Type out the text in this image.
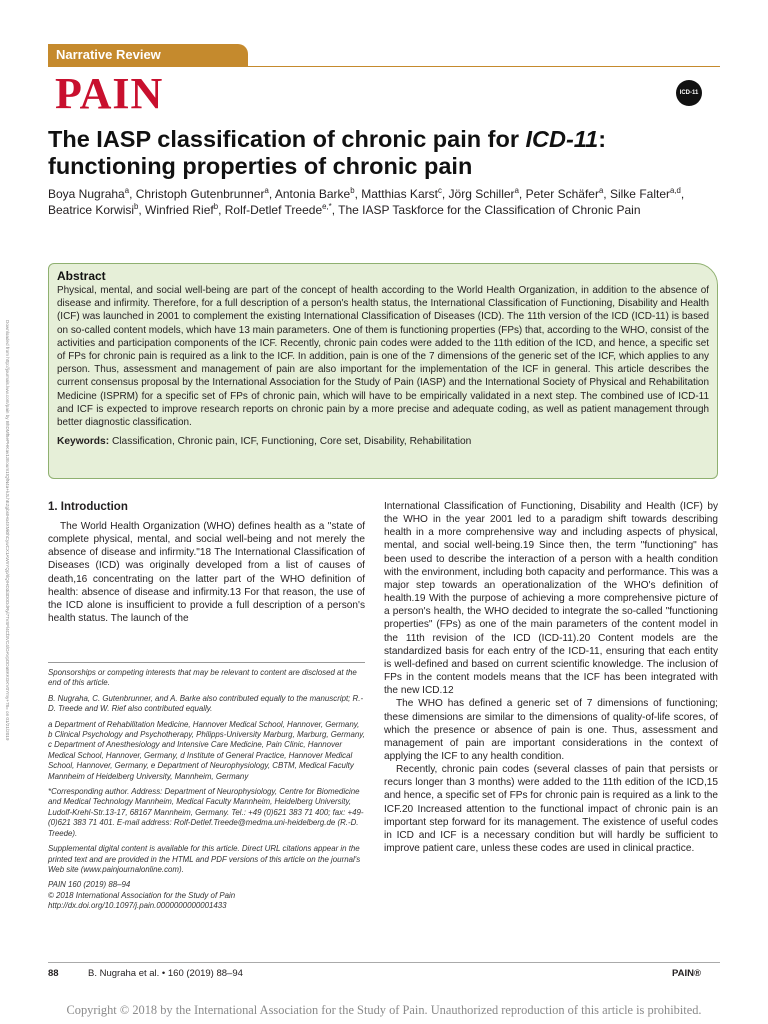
Narrative Review
PAIN	ICD-11
The IASP classification of chronic pain for ICD-11: functioning properties of chronic pain
Boya Nugraha$^a$, Christoph Gutenbrunner$^a$, Antonia Barke$^b$, Matthias Karst$^c$, Jörg Schiller$^a$, Peter Schäfer$^a$, Silke Falter$^{a,d}$, Beatrice Korwisi$^b$, Winfried Rief$^b$, Rolf-Detlef Treede$^{e,*}$, The IASP Taskforce for the Classification of Chronic Pain
Abstract

Physical, mental, and social well-being are part of the concept of health according to the World Health Organization, in addition to the absence of disease and infirmity. Therefore, for a full description of a person's health status, the International Classification of Functioning, Disability and Health (ICF) was launched in 2001 to complement the existing International Classification of Diseases (ICD). The 11th version of the ICD (ICD-11) is based on so-called content models, which have 13 main parameters. One of them is functioning properties (FPs) that, according to the WHO, consist of the activities and participation components of the ICF. Recently, chronic pain codes were added to the 11th edition of the ICD, and hence, a specific set of FPs for chronic pain is required as a link to the ICF. In addition, pain is one of the 7 dimensions of the generic set of the ICF, which applies to any person. Thus, assessment and management of pain are also important for the implementation of the ICF in general. This article describes the current consensus proposal by the International Association for the Study of Pain (IASP) and the International Society of Physical and Rehabilitation Medicine (ISPRM) for a specific set of FPs of chronic pain, which will have to be empirically validated in a next step. The combined use of ICD-11 and ICF is expected to improve research reports on chronic pain by a more precise and adequate coding, as well as patient management through better diagnostic classification.

Keywords: Classification, Chronic pain, ICF, Functioning, Core set, Disability, Rehabilitation
1. Introduction

The World Health Organization (WHO) defines health as a "state of complete physical, mental, and social well-being and not merely the absence of disease and infirmity."18 The International Classification of Diseases (ICD) was originally developed from a list of causes of death,16 concentrating on the latter part of the WHO definition of health: absence of disease and infirmity.13 For that reason, the use of the ICD alone is insufficient to provide a full description of a person's health status. The launch of the

Sponsorships or competing interests that may be relevant to content are disclosed at the end of this article.

B. Nugraha, C. Gutenbrunner, and A. Barke also contributed equally to the manuscript; R.-D. Treede and W. Rief also contributed equally.

a Department of Rehabilitation Medicine, Hannover Medical School, Hannover, Germany, b Clinical Psychology and Psychotherapy, Philipps-University Marburg, Marburg, Germany, c Department of Anesthesiology and Intensive Care Medicine, Pain Clinic, Hannover Medical School, Hannover, Germany, d Institute of General Practice, Hannover Medical School, Hannover, Germany, e Department of Neurophysiology, CBTM, Medical Faculty Mannheim of Heidelberg University, Mannheim, Germany

*Corresponding author. Address: Department of Neurophysiology, Centre for Biomedicine and Medical Technology Mannheim, Medical Faculty Mannheim, Heidelberg University, Ludolf-Krehl-Str.13-17, 68167 Mannheim, Germany. Tel.: +49 (0)621 383 71 400; fax: +49-(0)621 383 71 401. E-mail address: Rolf-Detlef.Treede@medma.uni-heidelberg.de (R.-D. Treede).

Supplemental digital content is available for this article. Direct URL citations appear in the printed text and are provided in the HTML and PDF versions of this article on the journal's Web site (www.painjournalonline.com).

PAIN 160 (2019) 88–94

© 2018 International Association for the Study of Pain

http://dx.doi.org/10.1097/j.pain.0000000000001433

International Classification of Functioning, Disability and Health (ICF) by the WHO in the year 2001 led to a paradigm shift towards describing health in a more comprehensive way and including aspects of physical, mental, and social well-being.19 Since then, the term "functioning" has been used to describe the interaction of a person with a health condition with the environment, including both capacity and performance. This was a major step towards an operationalization of the WHO's definition of health.19 With the purpose of achieving a more comprehensive picture of a person's health, the WHO decided to integrate the so-called "functioning properties" (FPs) as one of the main parameters of the content model in the 11th revision of the ICD (ICD-11).20 Content models are the standardized basis for each entry of the ICD-11, ensuring that each entity is well-defined and based on current scientific knowledge. The inclusion of FPs in the content models means that the ICF has been integrated with the new ICD.12

The WHO has defined a generic set of 7 dimensions of functioning; these dimensions are similar to the dimensions of quality-of-life scores, of which the presence or absence of pain is one. Thus, assessment and management of pain are important considerations in the context of applying the ICF to any health condition.

Recently, chronic pain codes (several classes of pain that persists or recurs longer than 3 months) were added to the 11th edition of the ICD,15 and hence, a specific set of FPs for chronic pain is required as a link to the ICF.20 Increased attention to the functional impact of chronic pain is an important step forward for its management. The existence of useful codes in ICD and ICF is a necessary condition but will hardly be sufficient to improve patient care, unless these codes are used in clinical practice.

Downloaded from http://journals.lww.com/pain by BhDMf5ePHKav1zEoum1tQfN4a+kJLhEZgbsIHo4XMi0hCywCX1AWnYQp/IlQrHD3i3D0OdRyi7TvSFl4Cf3VC4/OAVpDDa8KKGKV0Ymy+78= on 01/21/2019
88	B. Nugraha et al. • 160 (2019) 88–94	PAIN®
Copyright © 2018 by the International Association for the Study of Pain. Unauthorized reproduction of this article is prohibited.
